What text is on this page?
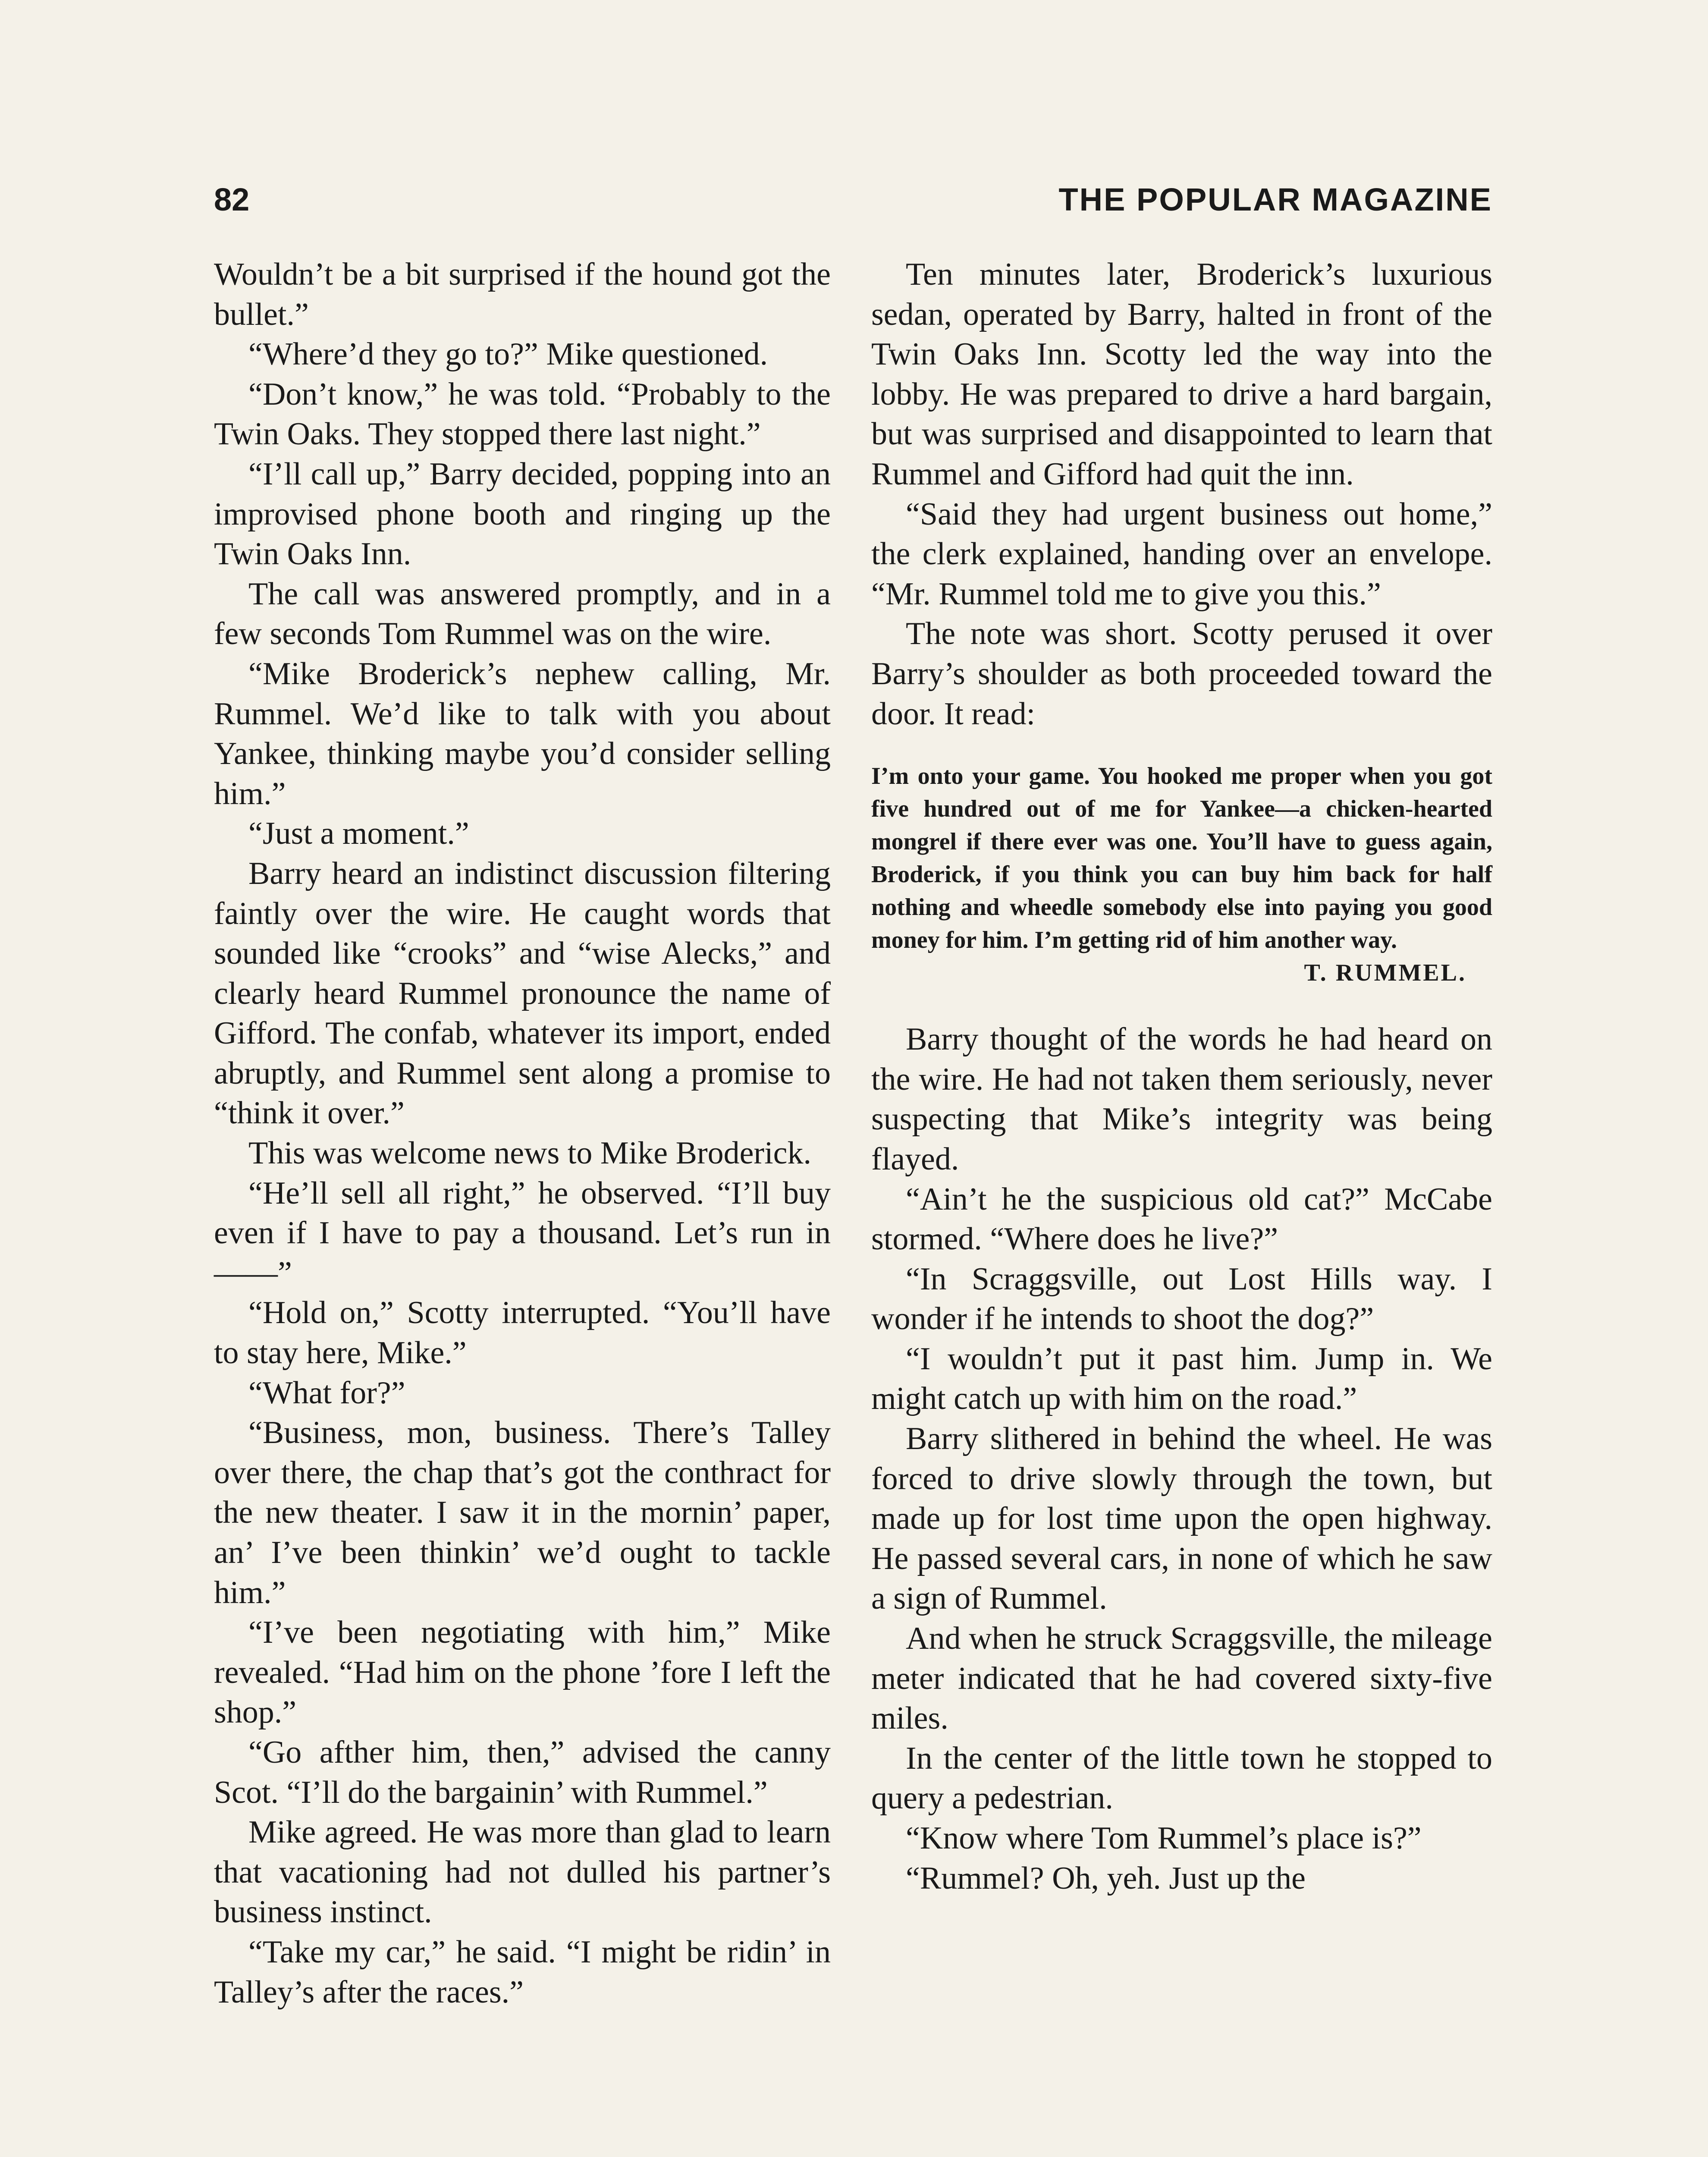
82	THE POPULAR MAGAZINE

Wouldn’t be a bit surprised if the hound got the bullet.”

“Where’d they go to?” Mike questioned.

“Don’t know,” he was told. “Probably to the Twin Oaks. They stopped there last night.”

“I’ll call up,” Barry decided, popping into an improvised phone booth and ringing up the Twin Oaks Inn.

The call was answered promptly, and in a few seconds Tom Rummel was on the wire.

“Mike Broderick’s nephew calling, Mr. Rummel. We’d like to talk with you about Yankee, thinking maybe you’d consider selling him.”

“Just a moment.”

Barry heard an indistinct discussion filtering faintly over the wire. He caught words that sounded like “crooks” and “wise Alecks,” and clearly heard Rummel pronounce the name of Gifford. The confab, whatever its import, ended abruptly, and Rummel sent along a promise to “think it over.”

This was welcome news to Mike Broderick.

“He’ll sell all right,” he observed. “I’ll buy even if I have to pay a thousand. Let’s run in——”

“Hold on,” Scotty interrupted. “You’ll have to stay here, Mike.”

“What for?”

“Business, mon, business. There’s Talley over there, the chap that’s got the conthract for the new theater. I saw it in the mornin’ paper, an’ I’ve been thinkin’ we’d ought to tackle him.”

“I’ve been negotiating with him,” Mike revealed. “Had him on the phone ’fore I left the shop.”

“Go afther him, then,” advised the canny Scot. “I’ll do the bargainin’ with Rummel.”

Mike agreed. He was more than glad to learn that vacationing had not dulled his partner’s business instinct.

“Take my car,” he said. “I might be ridin’ in Talley’s after the races.”

Ten minutes later, Broderick’s luxurious sedan, operated by Barry, halted in front of the Twin Oaks Inn. Scotty led the way into the lobby. He was prepared to drive a hard bargain, but was surprised and disappointed to learn that Rummel and Gifford had quit the inn.

“Said they had urgent business out home,” the clerk explained, handing over an envelope. “Mr. Rummel told me to give you this.”

The note was short. Scotty perused it over Barry’s shoulder as both proceeded toward the door. It read:

I’m onto your game. You hooked me proper when you got five hundred out of me for Yankee—a chicken-hearted mongrel if there ever was one. You’ll have to guess again, Broderick, if you think you can buy him back for half nothing and wheedle somebody else into paying you good money for him. I’m getting rid of him another way.

T. RUMMEL.

Barry thought of the words he had heard on the wire. He had not taken them seriously, never suspecting that Mike’s integrity was being flayed.

“Ain’t he the suspicious old cat?” McCabe stormed. “Where does he live?”

“In Scraggsville, out Lost Hills way. I wonder if he intends to shoot the dog?”

“I wouldn’t put it past him. Jump in. We might catch up with him on the road.”

Barry slithered in behind the wheel. He was forced to drive slowly through the town, but made up for lost time upon the open highway. He passed several cars, in none of which he saw a sign of Rummel.

And when he struck Scraggsville, the mileage meter indicated that he had covered sixty-five miles.

In the center of the little town he stopped to query a pedestrian.

“Know where Tom Rummel’s place is?”

“Rummel? Oh, yeh. Just up the
